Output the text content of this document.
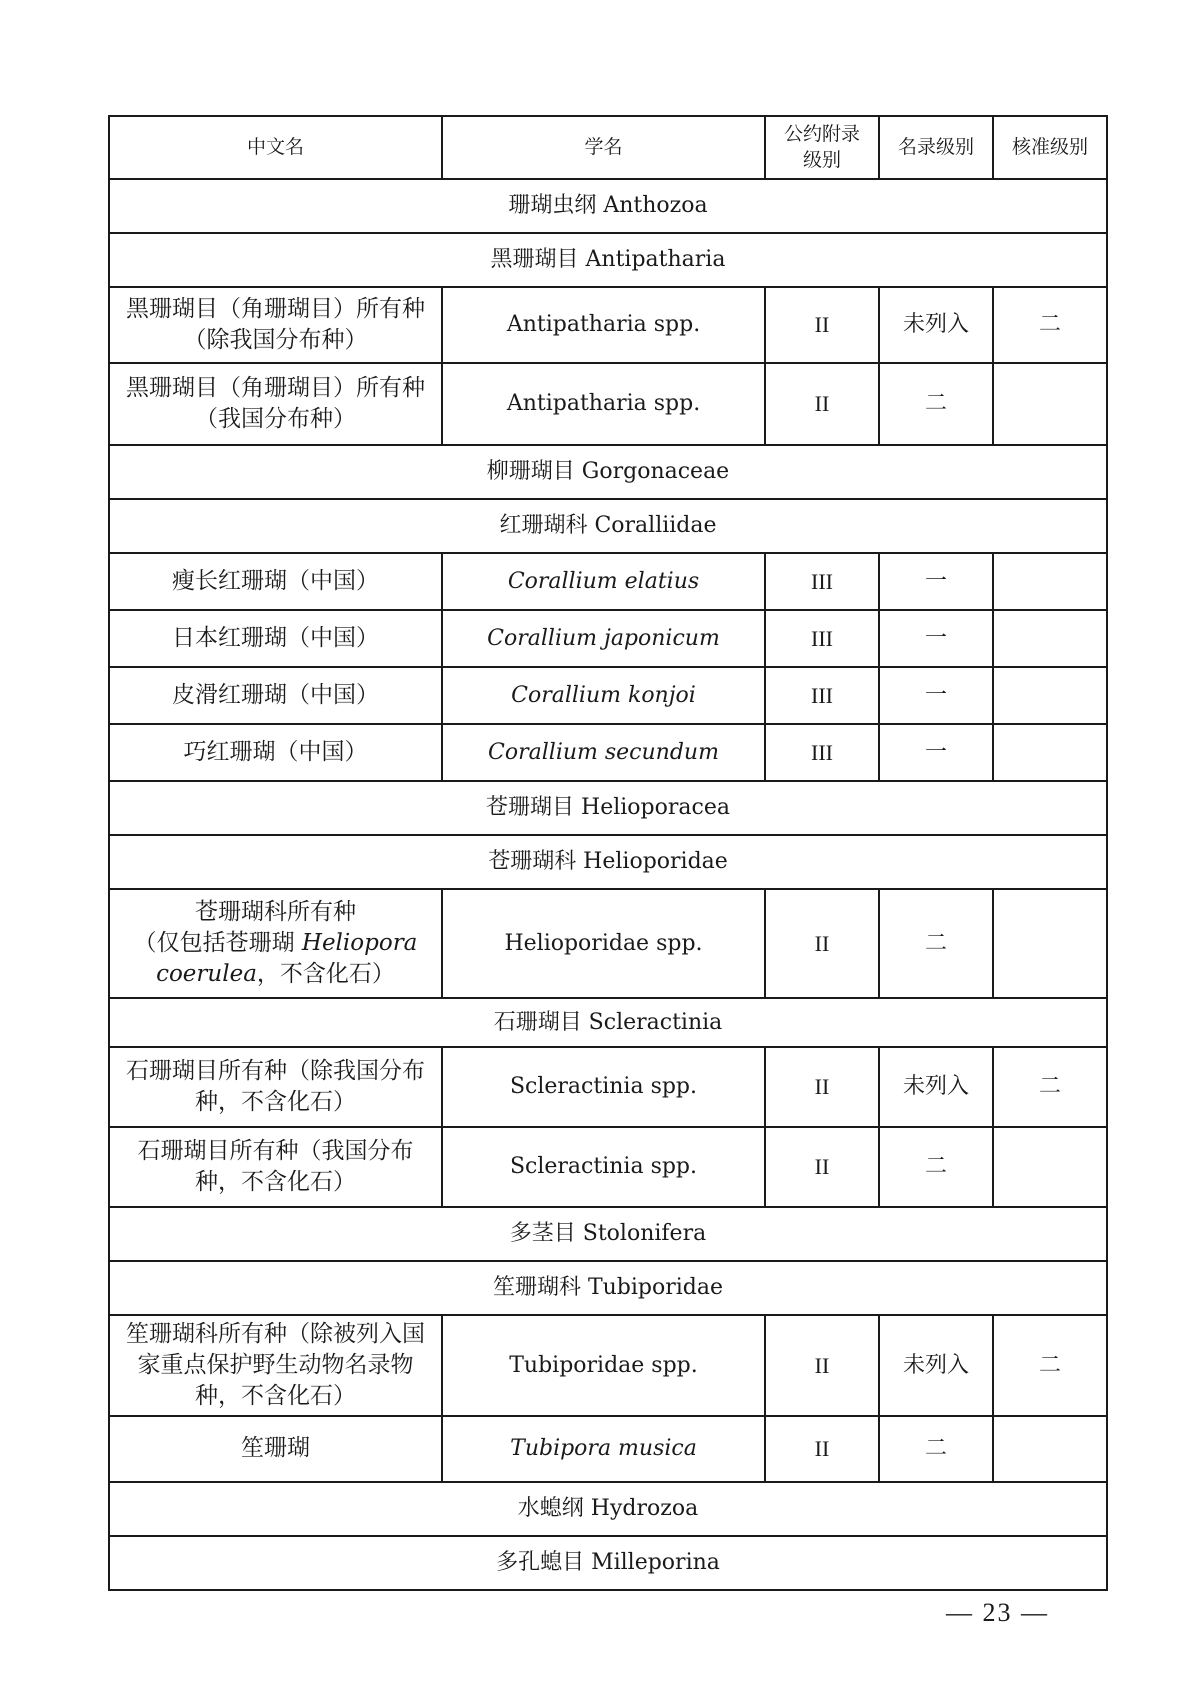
中文名	学名	公约附录级别	名录级别	核准级别
珊瑚虫纲 Anthozoa				
黑珊瑚目 Antipatharia				
黑珊瑚目（角珊瑚目）所有种（除我国分布种）	Antipatharia spp.	II	未列入	二
黑珊瑚目（角珊瑚目）所有种（我国分布种）	Antipatharia spp.	II	二	
柳珊瑚目 Gorgonaceae				
红珊瑚科 Coralliidae				
瘦长红珊瑚（中国）	Corallium elatius	III	一	
日本红珊瑚（中国）	Corallium japonicum	III	一	
皮滑红珊瑚（中国）	Corallium konjoi	III	一	
巧红珊瑚（中国）	Corallium secundum	III	一	
苍珊瑚目 Helioporacea				
苍珊瑚科 Helioporidae				
苍珊瑚科所有种
（仅包括苍珊瑚 Heliopora
coerulea，不含化石）	Helioporidae spp.	II	二	
石珊瑚目 Scleractinia				
石珊瑚目所有种（除我国分布种，不含化石）	Scleractinia spp.	II	未列入	二
石珊瑚目所有种（我国分布种，不含化石）	Scleractinia spp.	II	二	
多茎目 Stolonifera				
笙珊瑚科 Tubiporidae				
笙珊瑚科所有种（除被列入国家重点保护野生动物名录物种，不含化石）	Tubiporidae spp.	II	未列入	二
笙珊瑚	Tubipora musica	II	二	
水螅纲 Hydrozoa				
多孔螅目 Milleporina				
— 23 —
